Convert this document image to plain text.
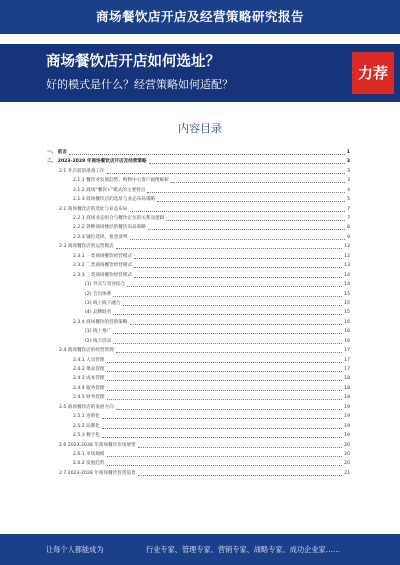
商场餐饮店开店及经营策略研究报告
商场餐饮店开店如何选址？
好的模式是什么？经营策略如何适配？
力荐
内容目录
一、 前言	1
二、 2023-2028 年商场餐饮店开店及经营策略	3
2.1 开店前的准备工作	3
2.1.1 餐饮业发展趋势、购物中心客户画像解析	3
2.1.2 商场“餐饮+”模式的主要特点	4
2.1.3 商场餐饮店的选址与业态布局策略	5
2.2 商场餐饮店的选址与业态布局	7
2.2.1 商场业态组合与餐饮定位的关系及逻辑	7
2.2.2 各种商场楼层的餐饮布局策略	8
2.2.3 铺位选择、租金谈判	9
2.3 商场餐饮店的运营模式	12
2.3.1 一类商场餐饮经营模式	12
2.3.2 二类商场餐饮经营模式	13
2.3.3 三类商场餐饮经营模式	14
(1) 外卖与堂食结合	14
(2) 会员体系	15
(3) 线上线下融合	15
(4) 品牌联名	15
2.3.4 商场餐饮的营销策略	16
(1) 线上推广	16
(2) 线下活动	16
2.4 商场餐饮店的经营管理	17
2.4.1 人员管理	17
2.4.2 菜品管理	17
2.4.3 成本管理	18
2.4.4 服务管理	18
2.4.5 财务管理	18
2.5 商场餐饮店的发展方向	19
2.5.1 连锁化	19
2.5.2 品牌化	19
2.5.3 数字化	19
2.6 2023-2028 年商场餐饮市场展望	20
2.6.1 市场规模	20
2.6.2 发展趋势	20
2.7 2023-2028 年商场餐饮投资前景	21
让每个人都能成为	行业专家、管理专家、营销专家、战略专家、成功企业家……
